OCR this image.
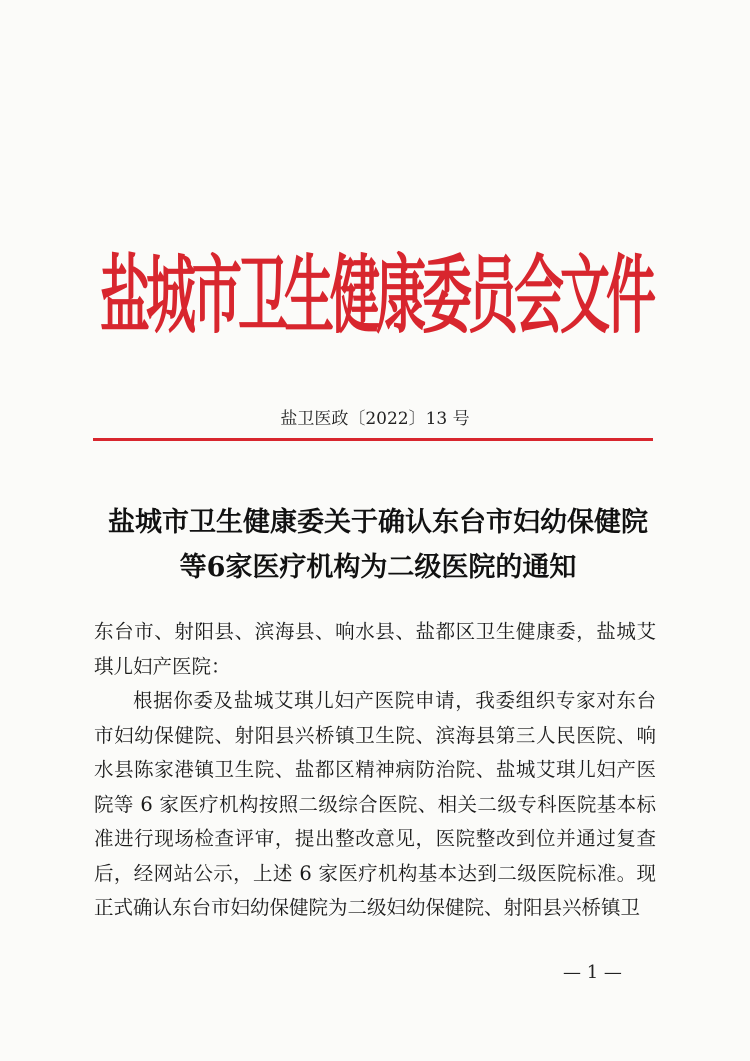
盐城市卫生健康委员会文件
盐卫医政〔2022〕13 号
盐城市卫生健康委关于确认东台市妇幼保健院
等6家医疗机构为二级医院的通知

东台市、射阳县、滨海县、响水县、盐都区卫生健康委，盐城艾琪儿妇产医院：

根据你委及盐城艾琪儿妇产医院申请，我委组织专家对东台市妇幼保健院、射阳县兴桥镇卫生院、滨海县第三人民医院、响水县陈家港镇卫生院、盐都区精神病防治院、盐城艾琪儿妇产医院等 6 家医疗机构按照二级综合医院、相关二级专科医院基本标准进行现场检查评审，提出整改意见，医院整改到位并通过复查后，经网站公示，上述 6 家医疗机构基本达到二级医院标准。现正式确认东台市妇幼保健院为二级妇幼保健院、射阳县兴桥镇卫

— 1 —
